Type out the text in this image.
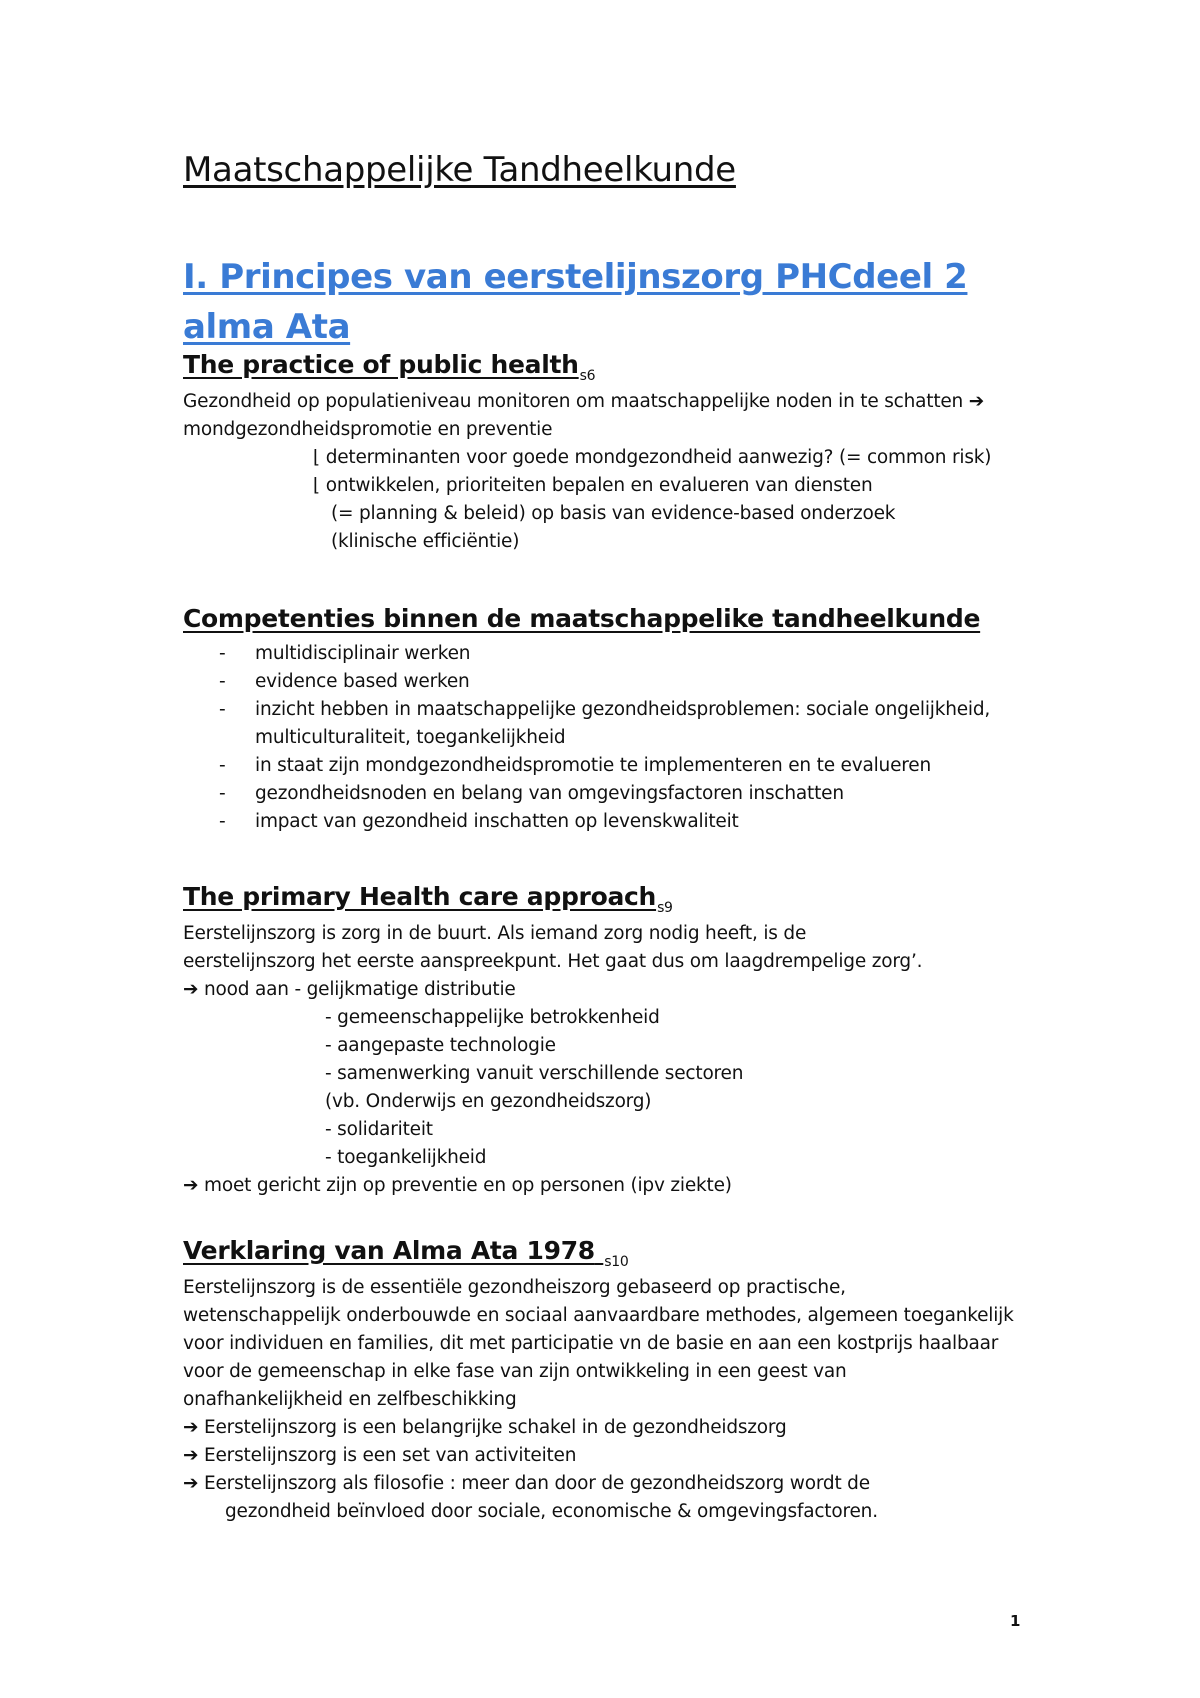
Maatschappelijke Tandheelkunde
I. Principes van eerstelijnszorg PHCdeel 2 alma Ata
The practice of public health$_{s6}$
Gezondheid op populatieniveau monitoren om maatschappelijke noden in te schatten ➔
mondgezondheidspromotie en preventie
⌊ determinanten voor goede mondgezondheid aanwezig? (= common risk)
⌊ ontwikkelen, prioriteiten bepalen en evalueren van diensten
(= planning & beleid) op basis van evidence-based onderzoek
(klinische efficiëntie)
Competenties binnen de maatschappelike tandheelkunde
- multidisciplinair werken
- evidence based werken
- inzicht hebben in maatschappelijke gezondheidsproblemen: sociale ongelijkheid,
multiculturaliteit, toegankelijkheid
- in staat zijn mondgezondheidspromotie te implementeren en te evalueren
- gezondheidsnoden en belang van omgevingsfactoren inschatten
- impact van gezondheid inschatten op levenskwaliteit
The primary Health care approach$_{s9}$
Eerstelijnszorg is zorg in de buurt. Als iemand zorg nodig heeft, is de
eerstelijnszorg het eerste aanspreekpunt. Het gaat dus om laagdrempelige zorg’.
➔ nood aan - gelijkmatige distributie
- gemeenschappelijke betrokkenheid
- aangepaste technologie
- samenwerking vanuit verschillende sectoren
(vb. Onderwijs en gezondheidszorg)
- solidariteit
- toegankelijkheid
➔ moet gericht zijn op preventie en op personen (ipv ziekte)
Verklaring van Alma Ata 1978 $_{s10}$
Eerstelijnszorg is de essentiële gezondheiszorg gebaseerd op practische,
wetenschappelijk onderbouwde en sociaal aanvaardbare methodes, algemeen toegankelijk
voor individuen en families, dit met participatie vn de basie en aan een kostprijs haalbaar
voor de gemeenschap in elke fase van zijn ontwikkeling in een geest van
onafhankelijkheid en zelfbeschikking
➔ Eerstelijnszorg is een belangrijke schakel in de gezondheidszorg
➔ Eerstelijnszorg is een set van activiteiten
➔ Eerstelijnszorg als filosofie : meer dan door de gezondheidszorg wordt de
gezondheid beïnvloed door sociale, economische & omgevingsfactoren.
1
